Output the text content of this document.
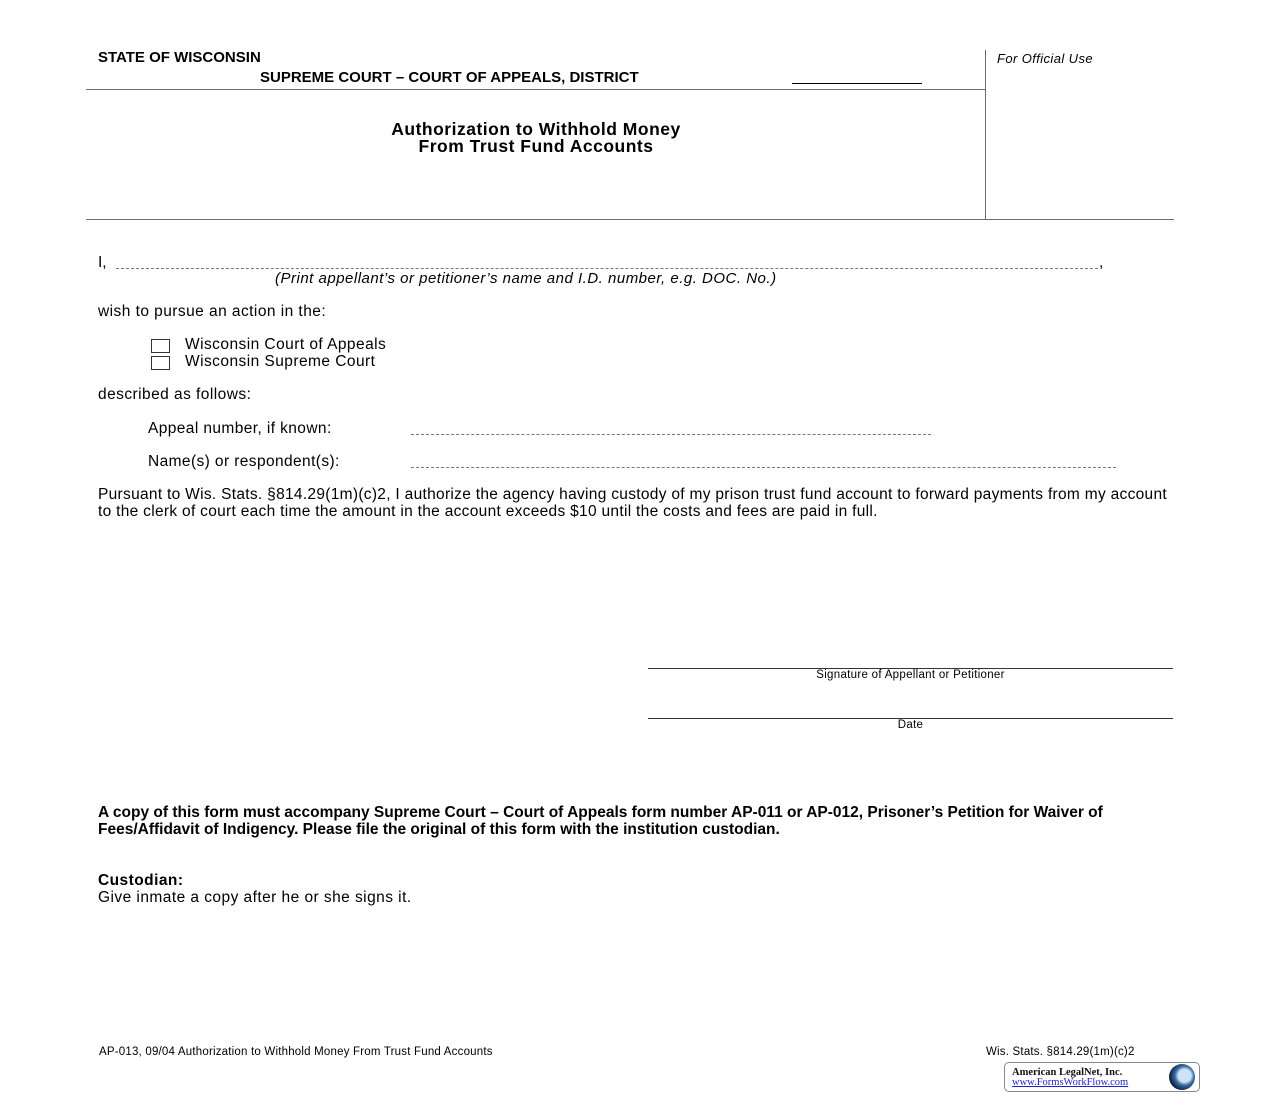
STATE OF WISCONSIN
SUPREME COURT – COURT OF APPEALS, DISTRICT
For Official Use
Authorization to Withhold Money
From Trust Fund Accounts
I,	,
(Print appellant’s or petitioner’s name and I.D. number, e.g. DOC. No.)
wish to pursue an action in the:
Wisconsin Court of Appeals
Wisconsin Supreme Court
described as follows:
Appeal number, if known:
Name(s) or respondent(s):
Pursuant to Wis. Stats. §814.29(1m)(c)2, I authorize the agency having custody of my prison trust fund account to forward payments from my account to the clerk of court each time the amount in the account exceeds $10 until the costs and fees are paid in full.
Signature of Appellant or Petitioner
Date
A copy of this form must accompany Supreme Court – Court of Appeals form number AP-011 or AP-012, Prisoner’s Petition for Waiver of Fees/Affidavit of Indigency. Please file the original of this form with the institution custodian.
Custodian:
Give inmate a copy after he or she signs it.
AP-013, 09/04 Authorization to Withhold Money From Trust Fund Accounts	Wis. Stats. §814.29(1m)(c)2
American LegalNet, Inc.
www.FormsWorkFlow.com
